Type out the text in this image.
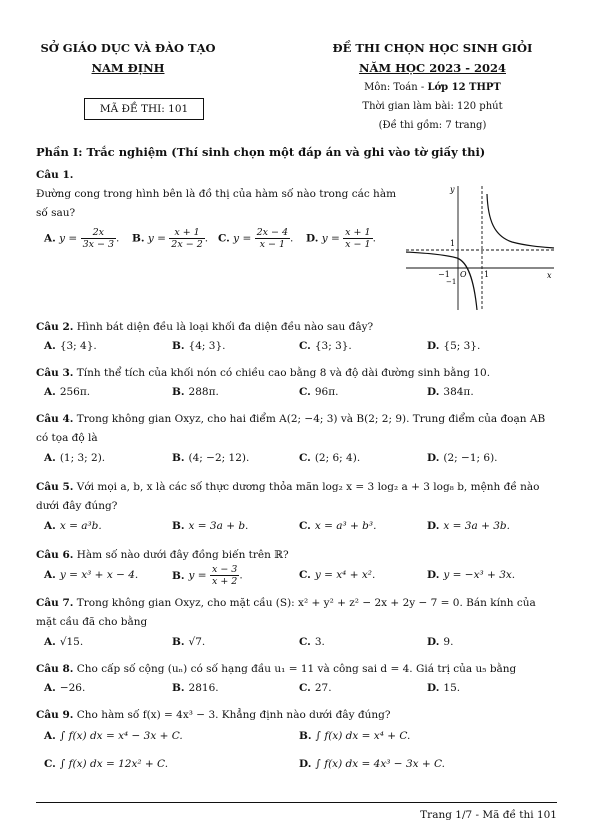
SỞ GIÁO DỤC VÀ ĐÀO TẠO
NAM ĐỊNH
MÃ ĐỀ THI: 101
ĐỀ THI CHỌN HỌC SINH GIỎI
NĂM HỌC 2023 - 2024
Môn: Toán - Lớp 12 THPT
Thời gian làm bài: 120 phút
(Đề thi gồm: 7 trang)
Phần I: Trắc nghiệm (Thí sinh chọn một đáp án và ghi vào tờ giấy thi)
Câu 1.
Đường cong trong hình bên là đồ thị của hàm số nào trong các hàm số sau?
A. $y = \frac{2x}{3x - 3}$ . B. $y = \frac{x + 1}{2x - 2}$ . C. $y = \frac{2x - 4}{x - 1}$ . D. $y = \frac{x + 1}{x - 1}$ .
y
x
O
1
−1	1
−1
Câu 2. Hình bát diện đều là loại khối đa diện đều nào sau đây?
A. {3; 4}.	B. {4; 3}.	C. {3; 3}.	D. {5; 3}.
Câu 3. Tính thể tích của khối nón có chiều cao bằng 8 và độ dài đường sinh bằng 10.
A. 256π.	B. 288π.	C. 96π.	D. 384π.
Câu 4. Trong không gian Oxyz, cho hai điểm A(2; −4; 3) và B(2; 2; 9). Trung điểm của đoạn AB có tọa độ là
A. (1; 3; 2).	B. (4; −2; 12).	C. (2; 6; 4).	D. (2; −1; 6).
Câu 5. Với mọi a, b, x là các số thực dương thỏa mãn log₂ x = 3 log₂ a + 3 log₈ b, mệnh đề nào dưới đây đúng?
A. x = a³b.	B. x = 3a + b.	C. x = a³ + b³.	D. x = 3a + 3b.
Câu 6. Hàm số nào dưới đây đồng biến trên ℝ?
A. y = x³ + x − 4.	B. $y = \frac{x - 3}{x + 2}$ .	C. y = x⁴ + x².	D. y = −x³ + 3x.
Câu 7. Trong không gian Oxyz, cho mặt cầu (S): x² + y² + z² − 2x + 2y − 7 = 0. Bán kính của mặt cầu đã cho bằng
A. √15.	B. √7.	C. 3.	D. 9.
Câu 8. Cho cấp số cộng (uₙ) có số hạng đầu u₁ = 11 và công sai d = 4. Giá trị của u₅ bằng
A. −26.	B. 2816.	C. 27.	D. 15.
Câu 9. Cho hàm số f(x) = 4x³ − 3. Khẳng định nào dưới đây đúng?
A. ∫ f(x) dx = x⁴ − 3x + C.	B. ∫ f(x) dx = x⁴ + C.
C. ∫ f(x) dx = 12x² + C.	D. ∫ f(x) dx = 4x³ − 3x + C.
Trang 1/7 - Mã đề thi 101
